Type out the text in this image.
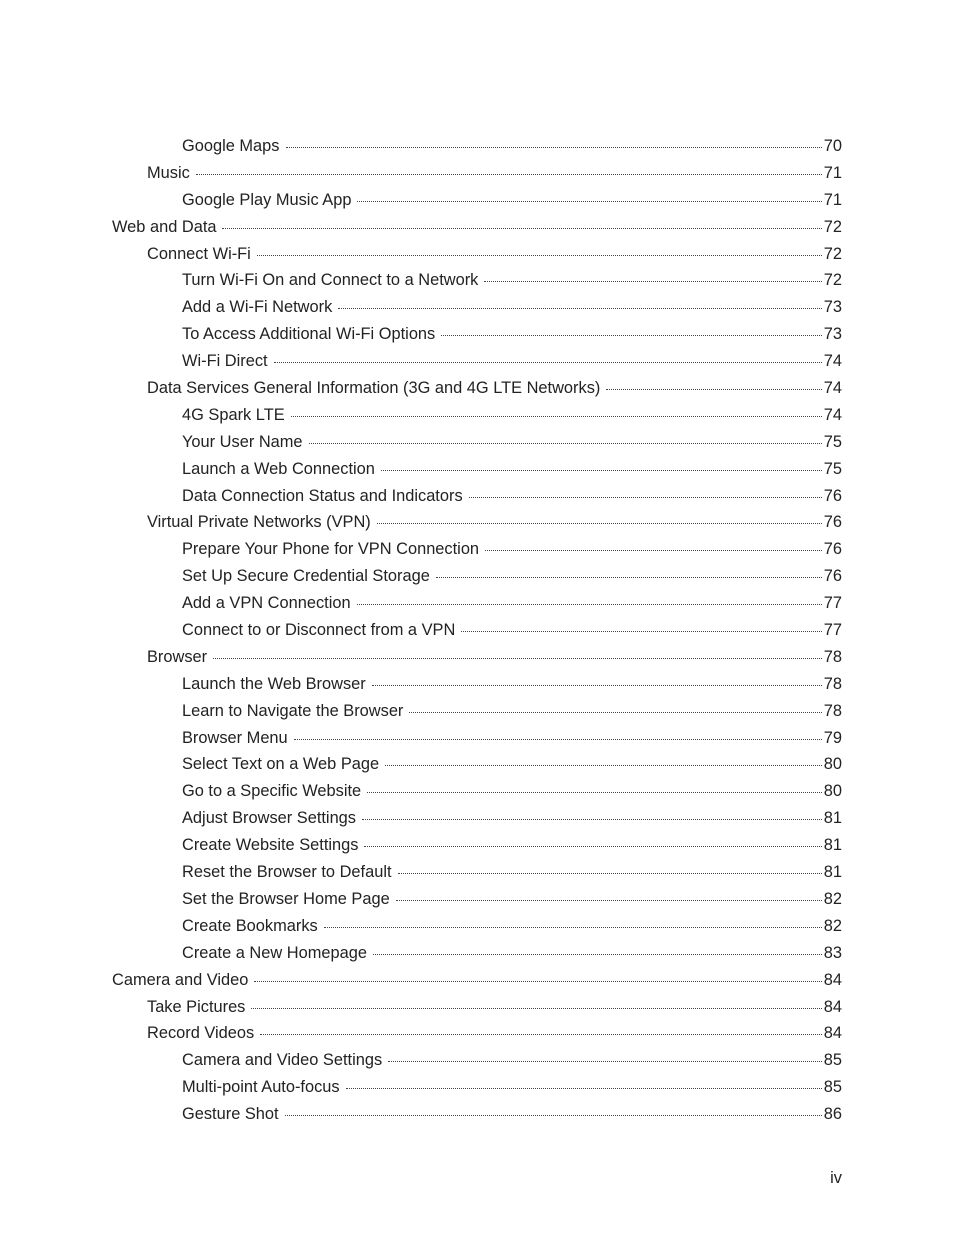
Google Maps	70
Music	71
Google Play Music App	71
Web and Data	72
Connect Wi-Fi	72
Turn Wi-Fi On and Connect to a Network	72
Add a Wi-Fi Network	73
To Access Additional Wi-Fi Options	73
Wi-Fi Direct	74
Data Services General Information (3G and 4G LTE Networks)	74
4G Spark LTE	74
Your User Name	75
Launch a Web Connection	75
Data Connection Status and Indicators	76
Virtual Private Networks (VPN)	76
Prepare Your Phone for VPN Connection	76
Set Up Secure Credential Storage	76
Add a VPN Connection	77
Connect to or Disconnect from a VPN	77
Browser	78
Launch the Web Browser	78
Learn to Navigate the Browser	78
Browser Menu	79
Select Text on a Web Page	80
Go to a Specific Website	80
Adjust Browser Settings	81
Create Website Settings	81
Reset the Browser to Default	81
Set the Browser Home Page	82
Create Bookmarks	82
Create a New Homepage	83
Camera and Video	84
Take Pictures	84
Record Videos	84
Camera and Video Settings	85
Multi-point Auto-focus	85
Gesture Shot	86
iv
